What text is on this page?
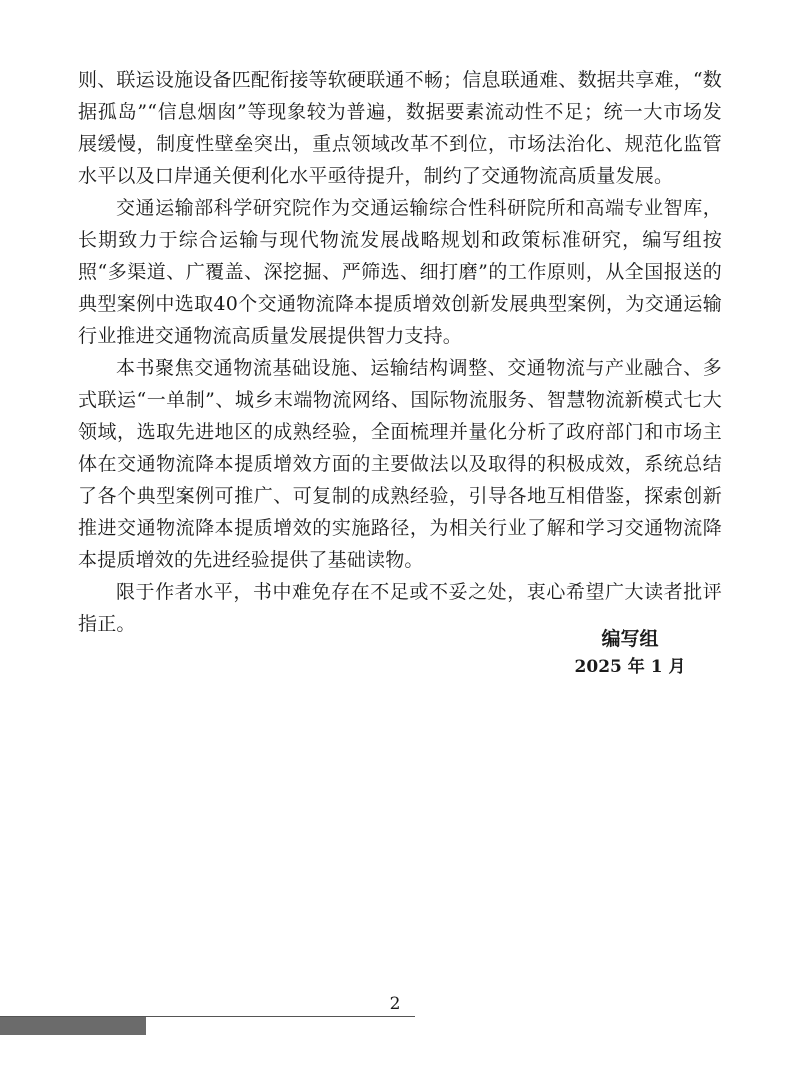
则、联运设施设备匹配衔接等软硬联通不畅；信息联通难、数据共享难，“数据孤岛”“信息烟囱”等现象较为普遍，数据要素流动性不足；统一大市场发展缓慢，制度性壁垒突出，重点领域改革不到位，市场法治化、规范化监管水平以及口岸通关便利化水平亟待提升，制约了交通物流高质量发展。

交通运输部科学研究院作为交通运输综合性科研院所和高端专业智库，长期致力于综合运输与现代物流发展战略规划和政策标准研究，编写组按照“多渠道、广覆盖、深挖掘、严筛选、细打磨”的工作原则，从全国报送的典型案例中选取40个交通物流降本提质增效创新发展典型案例，为交通运输行业推进交通物流高质量发展提供智力支持。

本书聚焦交通物流基础设施、运输结构调整、交通物流与产业融合、多式联运“一单制”、城乡末端物流网络、国际物流服务、智慧物流新模式七大领域，选取先进地区的成熟经验，全面梳理并量化分析了政府部门和市场主体在交通物流降本提质增效方面的主要做法以及取得的积极成效，系统总结了各个典型案例可推广、可复制的成熟经验，引导各地互相借鉴，探索创新推进交通物流降本提质增效的实施路径，为相关行业了解和学习交通物流降本提质增效的先进经验提供了基础读物。

限于作者水平，书中难免存在不足或不妥之处，衷心希望广大读者批评指正。

编写组
2025 年 1 月
2
